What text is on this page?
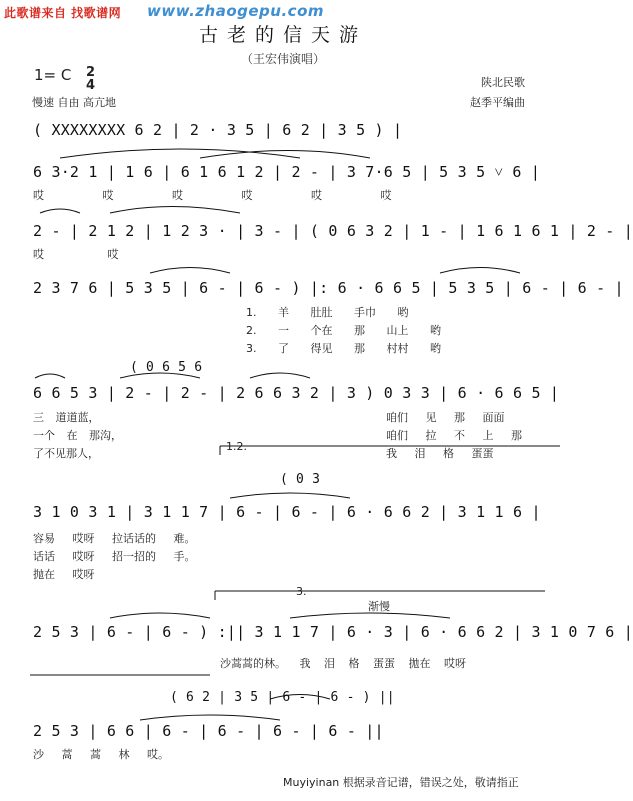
此歌谱来自 找歌谱网 www.zhaogepu.com
古老的信天游
（王宏伟演唱）
1= C 2
4
慢速 自由 高亢地
陕北民歌
赵季平编曲
1.2.
3.
渐慢
( XXXXXXXX 6 2 | 2 · 3 5 | 6 2 | 3 5 ) |
6 3·2 1 | 1 6 | 6 1 6 1 2 | 2 - | 3 7·6 5 | 5 3 5 ˅ 6 |
哎 哎 哎 哎 哎 哎
2 - | 2 1 2 | 1 2 3 · | 3 - | ( 0 6 3 2 | 1 - | 1 6 1 6 1 | 2 - |
哎 哎
2 3 7 6 | 5 3 5 | 6 - | 6 - ) |: 6 · 6 6 5 | 5 3 5 | 6 - | 6 - |
1. 羊 肚肚 手巾 哟
2. 一 个在 那 山上 哟
3. 了 得见 那 村村 哟
( 0 6 5 6
6 6 5 3 | 2 - | 2 - | 2 6 6 3 2 | 3 ) 0 3 3 | 6 · 6 6 5 |
三 道道蓝，
一个 在 那沟，
了不见那人，
咱们 见 那 面面
咱们 拉 不 上 那
我 泪 格 蛋蛋
( 0 3
3 1 0 3 1 | 3 1 1 7 | 6 - | 6 - | 6 · 6 6 2 | 3 1 1 6 |
容易 哎呀 拉话话的 难。
话话 哎呀 招一招的 手。
抛在 哎呀
2 5 3 | 6 - | 6 - ) :|| 3 1 1 7 | 6 · 3 | 6 · 6 6 2 | 3 1 0 7 6 |
沙蒿蒿的林。 我 泪 格 蛋蛋 拋在 哎呀
( 6 2 | 3 5 | 6 - | 6 - ) ||
2 5 3 | 6 6 | 6 - | 6 - | 6 - | 6 - ||
沙 蒿 蒿 林 哎。
Muyiyinan 根据录音记谱，错误之处，敬请指正
